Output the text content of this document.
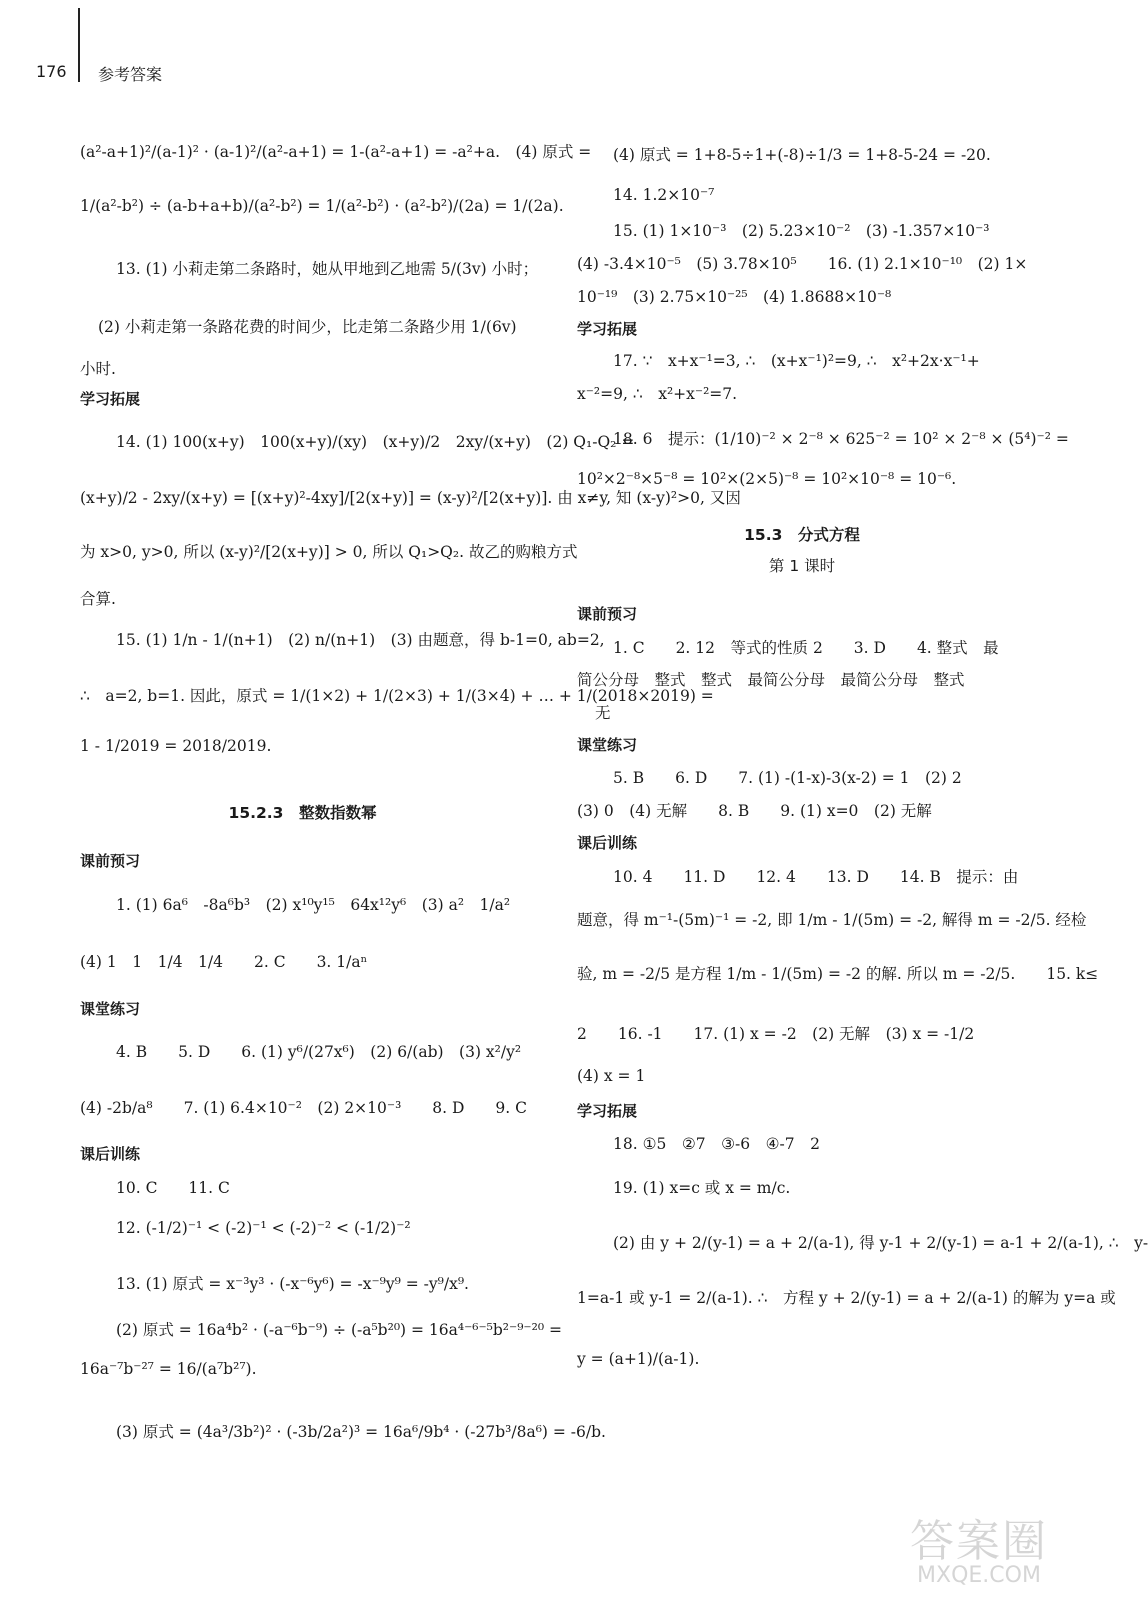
176 参考答案
(a²-a+1)²/(a-1)² · (a-1)²/(a²-a+1) = 1-(a²-a+1) = -a²+a.　(4) 原式 =
1/(a²-b²) ÷ (a-b+a+b)/(a²-b²) = 1/(a²-b²) · (a²-b²)/(2a) = 1/(2a).
13. (1) 小莉走第二条路时，她从甲地到乙地需 5/(3v) 小时；
(2) 小莉走第一条路花费的时间少，比走第二条路少用 1/(6v)
小时.
学习拓展
14. (1) 100(x+y)　100(x+y)/(xy)　(x+y)/2　2xy/(x+y)　(2) Q₁-Q₂ =
(x+y)/2 - 2xy/(x+y) = [(x+y)²-4xy]/[2(x+y)] = (x-y)²/[2(x+y)]. 由 x≠y, 知 (x-y)²>0, 又因
为 x>0, y>0, 所以 (x-y)²/[2(x+y)] > 0, 所以 Q₁>Q₂. 故乙的购粮方式
合算.
15. (1) 1/n - 1/(n+1)　(2) n/(n+1)　(3) 由题意，得 b-1=0, ab=2,
∴　a=2, b=1. 因此，原式 = 1/(1×2) + 1/(2×3) + 1/(3×4) + … + 1/(2018×2019) =
1 - 1/2019 = 2018/2019.
15.2.3　整数指数幂
课前预习
1. (1) 6a⁶　-8a⁶b³　(2) x¹⁰y¹⁵　64x¹²y⁶　(3) a²　1/a²
(4) 1　1　1/4　1/4　　2. C　　3. 1/aⁿ
课堂练习
4. B　　5. D　　6. (1) y⁶/(27x⁶)　(2) 6/(ab)　(3) x²/y²
(4) -2b/a⁸　　7. (1) 6.4×10⁻²　(2) 2×10⁻³　　8. D　　9. C
课后训练
10. C　　11. C
12. (-1/2)⁻¹ < (-2)⁻¹ < (-2)⁻² < (-1/2)⁻²
13. (1) 原式 = x⁻³y³ · (-x⁻⁶y⁶) = -x⁻⁹y⁹ = -y⁹/x⁹.
(2) 原式 = 16a⁴b² · (-a⁻⁶b⁻⁹) ÷ (-a⁵b²⁰) = 16a⁴⁻⁶⁻⁵b²⁻⁹⁻²⁰ =
16a⁻⁷b⁻²⁷ = 16/(a⁷b²⁷).
(3) 原式 = (4a³/3b²)² · (-3b/2a²)³ = 16a⁶/9b⁴ · (-27b³/8a⁶) = -6/b.
(4) 原式 = 1+8-5÷1+(-8)÷1/3 = 1+8-5-24 = -20.
14. 1.2×10⁻⁷
15. (1) 1×10⁻³　(2) 5.23×10⁻²　(3) -1.357×10⁻³
(4) -3.4×10⁻⁵　(5) 3.78×10⁵　　16. (1) 2.1×10⁻¹⁰　(2) 1×
10⁻¹⁹　(3) 2.75×10⁻²⁵　(4) 1.8688×10⁻⁸
学习拓展
17. ∵　x+x⁻¹=3, ∴　(x+x⁻¹)²=9, ∴　x²+2x·x⁻¹+
x⁻²=9, ∴　x²+x⁻²=7.
18. 6　提示：(1/10)⁻² × 2⁻⁸ × 625⁻² = 10² × 2⁻⁸ × (5⁴)⁻² =
10²×2⁻⁸×5⁻⁸ = 10²×(2×5)⁻⁸ = 10²×10⁻⁸ = 10⁻⁶.
15.3　分式方程
第 1 课时
课前预习
1. C　　2. 12　等式的性质 2　　3. D　　4. 整式　最
简公分母　整式　整式　最简公分母　最简公分母　整式
无
课堂练习
5. B　　6. D　　7. (1) -(1-x)-3(x-2) = 1　(2) 2
(3) 0　(4) 无解　　8. B　　9. (1) x=0　(2) 无解
课后训练
10. 4　　11. D　　12. 4　　13. D　　14. B　提示：由
题意，得 m⁻¹-(5m)⁻¹ = -2, 即 1/m - 1/(5m) = -2, 解得 m = -2/5. 经检
验, m = -2/5 是方程 1/m - 1/(5m) = -2 的解. 所以 m = -2/5.　　15. k≤
2　　16. -1　　17. (1) x = -2　(2) 无解　(3) x = -1/2
(4) x = 1
学习拓展
18. ①5　②7　③-6　④-7　2
19. (1) x=c 或 x = m/c.
(2) 由 y + 2/(y-1) = a + 2/(a-1), 得 y-1 + 2/(y-1) = a-1 + 2/(a-1), ∴　y-
1=a-1 或 y-1 = 2/(a-1). ∴　方程 y + 2/(y-1) = a + 2/(a-1) 的解为 y=a 或
y = (a+1)/(a-1).
答案圈
MXQE.COM
